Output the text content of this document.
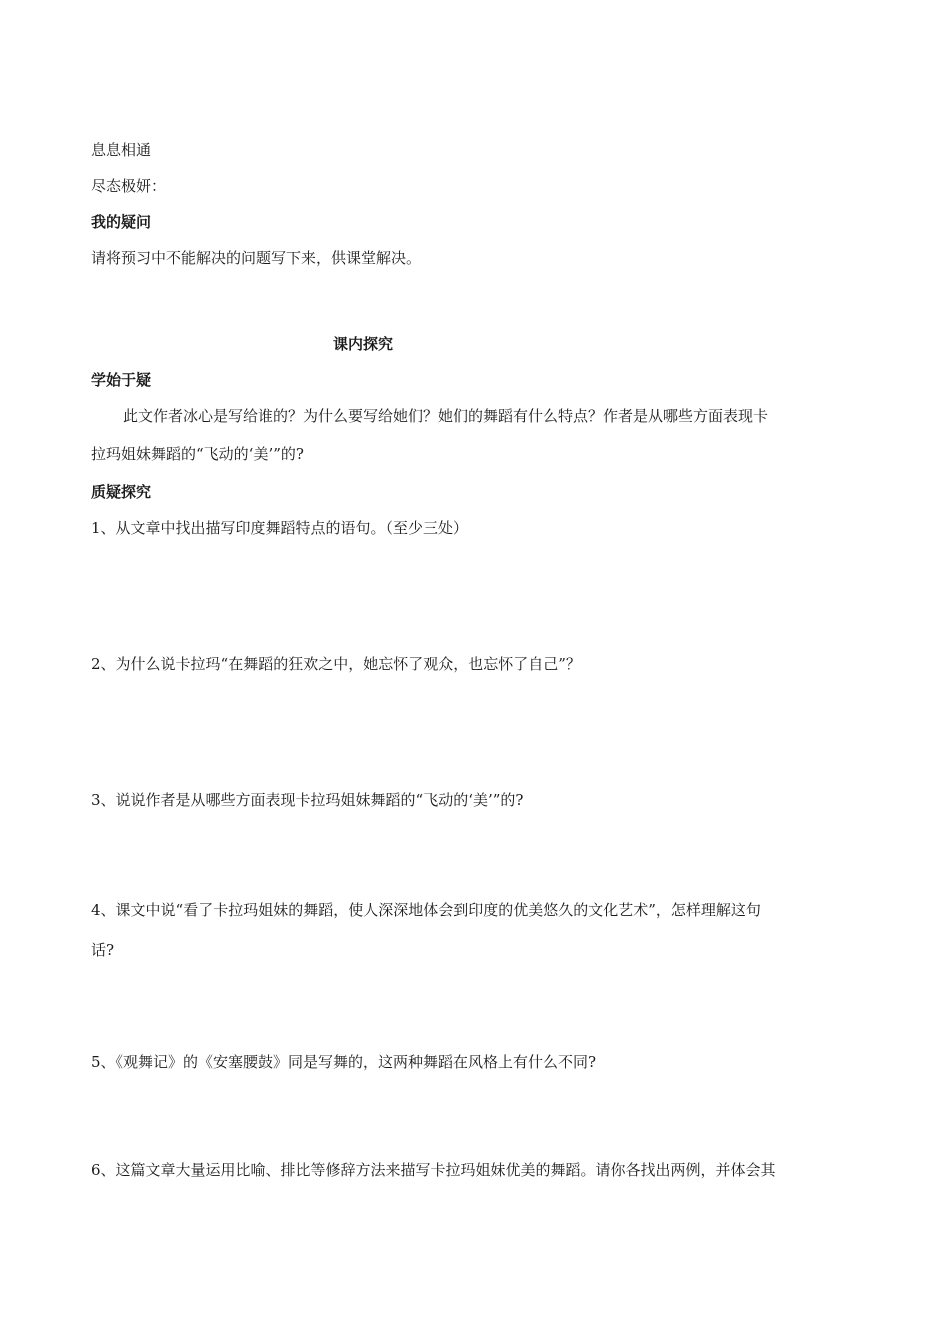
息息相通

尽态极妍：

我的疑问

请将预习中不能解决的问题写下来，供课堂解决。

课内探究

学始于疑

此文作者冰心是写给谁的？为什么要写给她们？她们的舞蹈有什么特点？作者是从哪些方面表现卡

拉玛姐妹舞蹈的“飞动的‘美’”的?

质疑探究

1、从文章中找出描写印度舞蹈特点的语句。（至少三处）

2、为什么说卡拉玛“在舞蹈的狂欢之中，她忘怀了观众，也忘怀了自己”？

3、说说作者是从哪些方面表现卡拉玛姐妹舞蹈的“飞动的‘美’”的?

4、课文中说“看了卡拉玛姐妹的舞蹈，使人深深地体会到印度的优美悠久的文化艺术”，怎样理解这句

话?

5、《观舞记》的《安塞腰鼓》同是写舞的，这两种舞蹈在风格上有什么不同?

6、这篇文章大量运用比喻、排比等修辞方法来描写卡拉玛姐妹优美的舞蹈。请你各找出两例，并体会其
